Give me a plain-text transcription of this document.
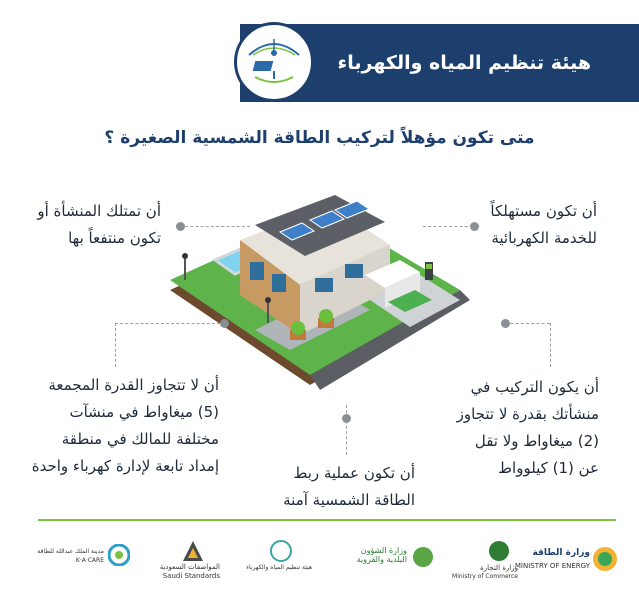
هيئة تنظيم المياه والكهرباء
متى تكون مؤهلاً لتركيب الطاقة الشمسية الصغيرة ؟
أن تكون مستهلكاً
للخدمة الكهربائية
أن تمتلك المنشأة أو
تكون منتفعاً بها
أن لا تتجاوز القدرة المجمعة
(5) ميغاواط في منشآت
مختلفة للمالك في منطقة
إمداد تابعة لإدارة كهرباء واحدة
أن يكون التركيب في
منشأتك بقدرة لا تتجاوز
(2) ميغاواط ولا تقل
عن (1) كيلوواط
أن تكون عملية ربط
الطاقة الشمسية آمنة
وزارة الطاقة
MINISTRY OF ENERGY
وزارة التجارة
Ministry of Commerce
وزارة الشؤون البلدية والقروية
هيئة تنظيم المياه والكهرباء
المواصفات السعودية
Saudi Standards
مدينة الملك عبدالله للطاقة
K·A·CARE
